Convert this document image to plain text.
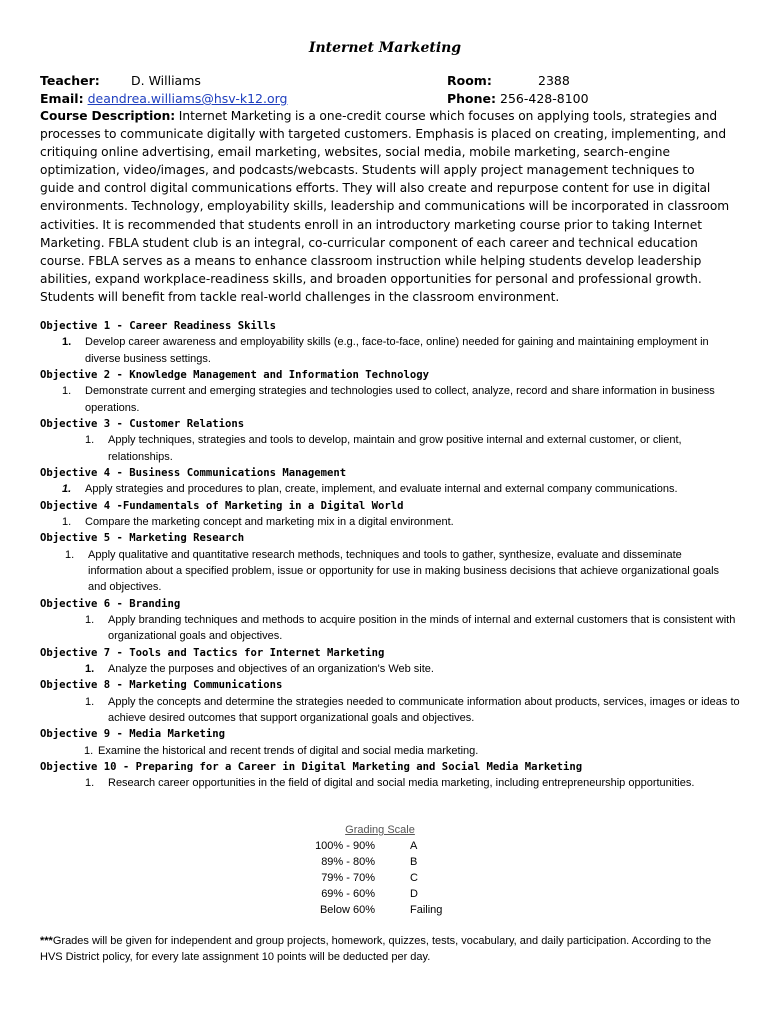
Internet Marketing
Teacher:	D. Williams	Room:	2388
Email: deandrea.williams@hsv-k12.org	Phone: 256-428-8100
Course Description: Internet Marketing is a one-credit course which focuses on applying tools, strategies and processes to communicate digitally with targeted customers. Emphasis is placed on creating, implementing, and critiquing online advertising, email marketing, websites, social media, mobile marketing, search-engine optimization, video/images, and podcasts/webcasts. Students will apply project management techniques to guide and control digital communications efforts. They will also create and repurpose content for use in digital environments. Technology, employability skills, leadership and communications will be incorporated in classroom activities. It is recommended that students enroll in an introductory marketing course prior to taking Internet Marketing. FBLA student club is an integral, co-curricular component of each career and technical education course. FBLA serves as a means to enhance classroom instruction while helping students develop leadership abilities, expand workplace-readiness skills, and broaden opportunities for personal and professional growth. Students will benefit from tackle real-world challenges in the classroom environment.
Objective 1 - Career Readiness Skills
1. Develop career awareness and employability skills (e.g., face-to-face, online) needed for gaining and maintaining employment in diverse business settings.
Objective 2 - Knowledge Management and Information Technology
1. Demonstrate current and emerging strategies and technologies used to collect, analyze, record and share information in business operations.
Objective 3 - Customer Relations
1. Apply techniques, strategies and tools to develop, maintain and grow positive internal and external customer, or client, relationships.
Objective 4 - Business Communications Management
1. Apply strategies and procedures to plan, create, implement, and evaluate internal and external company communications.
Objective 4 -Fundamentals of Marketing in a Digital World
1. Compare the marketing concept and marketing mix in a digital environment.
Objective 5 - Marketing Research
1. Apply qualitative and quantitative research methods, techniques and tools to gather, synthesize, evaluate and disseminate information about a specified problem, issue or opportunity for use in making business decisions that achieve organizational goals and objectives.
Objective 6 - Branding
1. Apply branding techniques and methods to acquire position in the minds of internal and external customers that is consistent with organizational goals and objectives.
Objective 7 - Tools and Tactics for Internet Marketing
1. Analyze the purposes and objectives of an organization's Web site.
Objective 8 - Marketing Communications
1. Apply the concepts and determine the strategies needed to communicate information about products, services, images or ideas to achieve desired outcomes that support organizational goals and objectives.
Objective 9 - Media Marketing
1. Examine the historical and recent trends of digital and social media marketing.
Objective 10 - Preparing for a Career in Digital Marketing and Social Media Marketing
1. Research career opportunities in the field of digital and social media marketing, including entrepreneurship opportunities.
Grading Scale
100% - 90%	A
89% - 80%	B
79% - 70%	C
69% - 60%	D
Below 60%	Failing
***Grades will be given for independent and group projects, homework, quizzes, tests, vocabulary, and daily participation. According to the HVS District policy, for every late assignment 10 points will be deducted per day.
